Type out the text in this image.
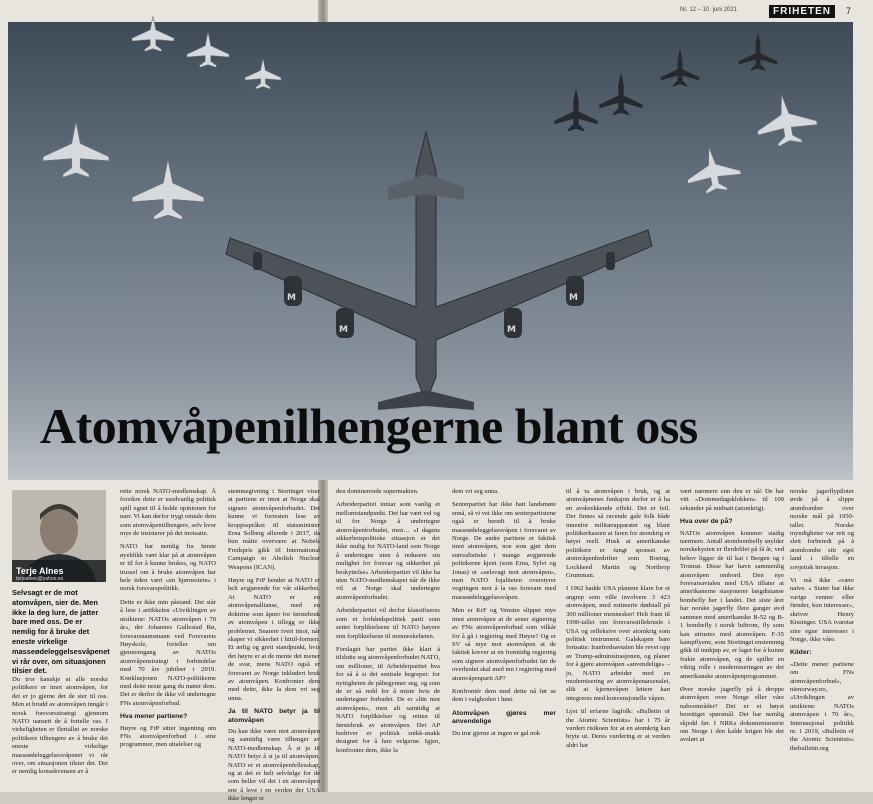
Nr. 12 – 10. juni 2021	FRIHETEN	7
M
M	M
M
Atomvåpenilhengerne blant oss
Terje Alnes
terjealnes@yahoo.no
Selvsagt er de mot atomvåpen, sier de. Men ikke la deg lure, de jatter bare med oss. De er nemlig for å bruke det eneste virkelige masseødeleggelsesvåpenet vi rår over, om situasjonen tilsier det.

Du tror kanskje at alle norske politikere er imot atomvåpen, for det er jo gjerne det de sier til oss. Men et brudd av atomvåpen inngår i norsk forsvarsstrategi gjennom NATO uansett de å fortelle oss. I virkeligheten er flertallet av norske politikere tilhengere av å bruke det eneste virkelige masseødeleggelsesvåpenet vi rår over, om situasjonen tilsier det. Det er nemlig konsekvensen av å

rette norsk NATO-medlemskap. Å forsikre dette er usedvanlig politisk spill egnet til å holde opinionen for narr. Vi kan derfor trygt omtale dem som atomvåpentilhengere, selv hvor mye de insisterer på det motsatte.

NATO har nemlig fra første øyeblikk vært klar på at atomvåpen er til for å kunne brukes, og NATO trussel om å bruke atomvåpen har hele tiden vært «en hjørnestein» i norsk forsvarspolitikk.

Dette er ikke min påstand. Det står å lese i artikkelen «Utviklingen av utsiktene: NATOs atomvåpen i 70 år», der Johannes Gullestad Rø, forsvarsnamsmann ved Forsvarets Høyskole, forteller om gjennomgang av NATOs atomvåpenstrategi i forbindelse med 70 års jubileet i 2019. Konklusjonen NATO-politikerne med dette neste gang du møter dem. Det er derfor de ikke vil undertegne FNs atomvåpenforbud.

Hva mener partiene?

Høyre og FrP sitter ingenting om FNs atomvåpenforbud i sine programmer, men uttalelser og

stemmegivning i Stortinget viser at partiene er imot at Norge skal signere atomvåpenforbudet. Det kunne vi forresten lese av kroppsspråket til statsminister Erna Solberg allerede i 2017, da hun måtte overvære at Nobels Fredspris gikk til International Campaign to Abolish Nuclear Weapons (ICAN).

Høyre og FrP hender at NATO er helt avgjørende for vår sikkerhet. At NATO er en atomvåpenallianse, med en doktrine som åpner for førstebruk av atomvåpen i tillegg er ikke problemet. Snarere tvert imot, når skaper vi sikkerhet i hittil-formen. Et ærlig og greit standpunkt, hvis det høyre er at de mente det mener de svar, mens NATO også er forsvaret av Norge inkludert bruk av atomvåpen. Konfronter dem med dette, ikke la dem vri seg unna.

Ja til NATO betyr ja til atomvåpen

Du kan ikke være mot atomvåpen og samtidig være tilhenger av NATO-medlemskap. Å si ja til NATO betyr å si ja til atomvåpen. NATO er et atomvåpenfellesskap, og at det er helt selvfølge for de som heller vil det i en atomvåpen ene å leve i en verden der USA ikke lenger er

den dominerende supermakten.

Arbeiderpartiet inntar som vanlig et mellomstandpunkt. Det har vært vel og til for Norge å undertegne atomvåpenforbudet, men… «I dagens sikkerhetspolitiske situasjon er det ikke mulig for NATO-land som Norge å undertegne uten å redusere sin mulighet for forsvar og sikkerhet på beskyttelse» Arbeiderpartiet vil ikke ha uten NATO-medlemskapet når de ikke vil at Norge skal undertegne atomvåpenforbudet.

Arbeiderpartiet vil derfor klassifiseres som et forhåndspolitisk parti som setter forpliktelsene til NATO høyere enn forpliktelsene til menneskeheten.

Forslaget har partiet ikke klart å tilslutte seg atomvåpenforbudet NATO, om millioner, til Arbeiderpartiet hva for så å si det sentrale begrepet: for nyttigheten de påbegynner seg, og som de er så redd for å miste hvis de undertegner forbudet. De er «lite mot atomvåpen», men alt samtidig at NATO forpliktelser og retten til førstebruk av atomvåpen. Det AP bedriver er politisk snikk-snakk designet for å lure velgerne. Igjen, konfronter dem, ikke la

dem vri seg unna.

Senterpartiet har ikke hatt landsmøte ennå, så vi vet ikke om senterpartistene også er beredt til å bruke masseødeleggelsesvåpen i forsvaret av Norge. De andre partiene er faktisk imot atomvåpen, noe som gjør dem surrealistiske i mange avgjørende politikerne kjent (som Erna, Sylvi og Jonas) et «uelsvagt mot atomvåpen», men NATO lojaliteten overstyrer vegringen mot å la oss forsvare med masseødeleggelsesvåpen.

Men er KrF og Venstre slipper mye imot atomvåpen at de sener signering av FNs atomvåpenforbud som vilkår for å gå i regjering med Høyre? Og er SV så mye mot atomvåpen at de faktisk krever at en fremtidig regjering som signere atomvåpenforbudet før de overhodet skal med inn i regjering med atomvåpenparti AP?

Konfrontér dem med dette nå før se dem i valgboden i høst.

Atomvåpen gjøres mer anvendelige

Du trur gjerne at ingen er gal nok

til å ta atomvåpen i bruk, og at atomvåpnenes funksjon derfor er å ha en avskrekkende effekt. Det er feil. Der finnes så ravende gale folk både innenfor militærapparatet og blant politikerkassen at faren for atomkrig er høyst reell. Husk at amerikanske politikere er tungt sponset av atomvåpenbedrifter som Boeing, Lockheed Martin og Northrop Grumman.

I 1962 hadde USA planene klare for et angrep som ville involvere 3 423 atomvåpen, med estimerte dødstall på 300 millioner mennesker! Helt fram til 1990-tallet om forsvarsstillekrusle i USA og refleksive over atomkrig som politisk instrument. Galskapen bare fortsatte: Iranfredsavtalen ble revet opp av Trump-administrasjonen, og planer for å gjøre atomvåpen «anvendelige» – jo, NATO arbeider med en modernisering av atomvåpenarsenalet, slik at kjernevåpen lettere kan integreres med konvensjonelle våpen.

Lyst til erfarne fagfolk: «Bulletin of the Atomic Scientists» har i 75 år vurdert risikoen for at en atomkrig kan bryte ut. Deres vurdering er at verden aldri har

vært nærmere enn den er nå! De har vitt «Dommedagsklokken» til 100 sekunder på midnatt (atomkrig).

Hva over de på?

NATOs atomvåpen kommer stadig nærmere. Antall atombombefly snylder norskekysten er flerdoblet på få år, ved behov ligger de til kai i Bergen og i Tromsø. Disse har havn sammenlig atomvåpen ombord. Den nye forsvarsavtalen med USA tillater at amerikanerne stasjonerer langdistanse bombefly her i landet. Det siste året har norske jagerfly flere ganger øvd sammen med amerikanske B-52 og B-1 bombefly i norsk luftrom, fly som kan utrustes med atomvåpen. F-35 kampflyene, som Stortinget enstemmig gikk til innkjøp av, er laget for å kunne frakte atomvåpen, og de spiller en viktig rolle i moderniseringen av det amerikanske atomvåpenprogrammet.

Øver norske jagerfly på å droppe atomvåpen over Norge eller våre naboområder? Det er et høyst berettiget spørsmål. Det har nemlig skjedd før. I NRKs dokumentarserie om Norge i den kalde krigen ble det avslørt at

norske jagerflypiloter øvde på å slippe atombomber over norske mål på 1950-tallet. Norske myndigheter var rett og slett forberedt på å atombombe sitt eget land i tilfelle en sovjetisk invasjon.

Vi må ikke «være naive. « Stater har ikke varige venner eller fiender, kun interesser», skriver Henry Kissinger. USA ivaretar sine egne interesser i Norge, ikke våre.

Kilder:

«Dette mener partiene om FNs atomvåpenforbud», nienorway.no, «Utviklingen av utsiktene: NATOs atomvåpen i 70 år», Internasjonal politikk nr. 1 2019, «Bulletin of the Atomic Scientists» thebulletin.org
